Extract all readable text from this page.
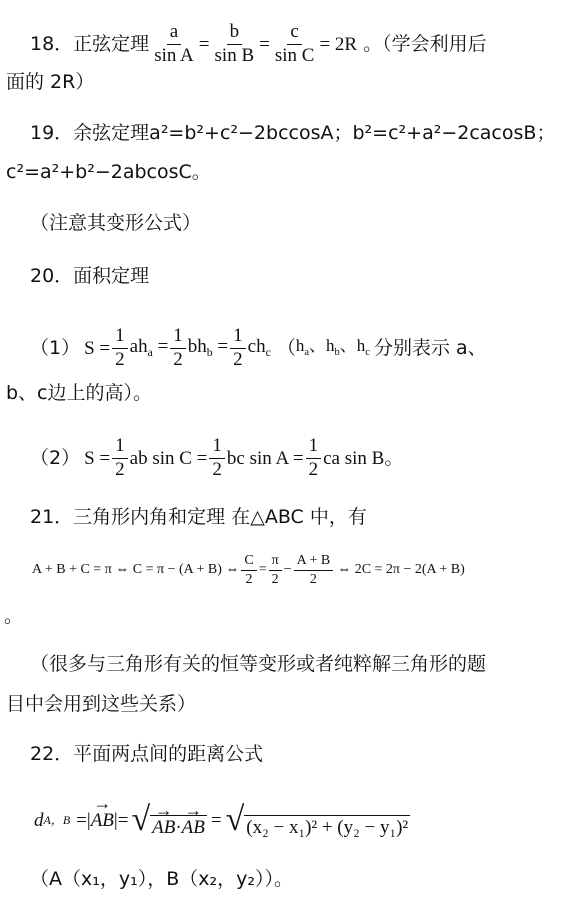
18．正弦定理 $\frac{a}{\text{sin A}} = \frac{b}{\text{sin B}} = \frac{c}{\text{sin C}} = 2R$ 。（学会利用后
面的 2R）
19．余弦定理a²=b²+c²−2bccosA；b²=c²+a²−2cacosB；
c²=a²+b²−2abcosC。
（注意其变形公式）
20．面积定理
（1） $S = \frac{1}{2} ah_a = \frac{1}{2} bh_b = \frac{1}{2} ch_c$ （ $h_a$、$h_b$、$h_c$ 分别表示 a、
b、c边上的高）。
（2） $S = \frac{1}{2}$ ab $\sin C = \frac{1}{2}$ bc $\sin A = \frac{1}{2}$ ca sin B 。
21．三角形内角和定理 在△ABC 中，有
A + B + C = π ⇔ C = π − (A + B) ⇔ $\frac{C}{2} = \frac{\pi}{2} - \frac{A + B}{2}$ ⇔ 2C = 2π − 2(A + B)
。
（很多与三角形有关的恒等变形或者纯粹解三角形的题
目中会用到这些关系）
22．平面两点间的距离公式
d A，B =| → AB |= √ → AB·→ AB = √ (x₂ − x₁)² + (y₂ − y₁)²
（A（x₁，y₁），B（x₂，y₂））。
